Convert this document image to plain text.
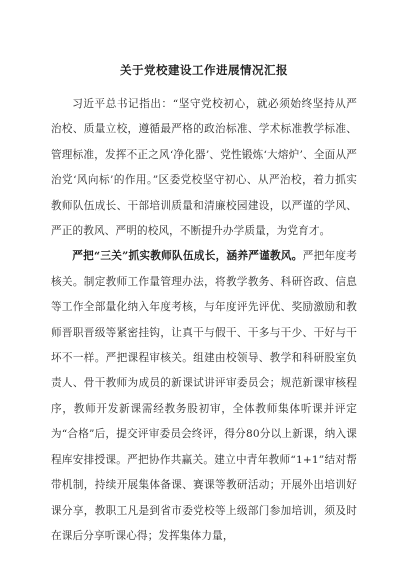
关于党校建设工作进展情况汇报

习近平总书记指出：“坚守党校初心，就必须始终坚持从严治校、质量立校，遵循最严格的政治标准、学术标准教学标准、管理标准，发挥不正之风‘净化器’、党性锻炼‘大熔炉’、全面从严治党‘风向标’的作用。”区委党校坚守初心、从严治校，着力抓实教师队伍成长、干部培训质量和清廉校园建设，以严谨的学风、严正的教风、严明的校风，不断提升办学质量，为党育才。

严把“三关”抓实教师队伍成长，涵养严谨教风。严把年度考核关。制定教师工作量管理办法，将教学教务、科研咨政、信息等工作全部量化纳入年度考核，与年度评先评优、奖励激励和教师晋职晋级等紧密挂钩，让真干与假干、干多与干少、干好与干坏不一样。严把课程审核关。组建由校领导、教学和科研股室负责人、骨干教师为成员的新课试讲评审委员会；规范新课审核程序，教师开发新课需经教务股初审，全体教师集体听课并评定为“合格”后，提交评审委员会终评，得分80分以上新课，纳入课程库安排授课。严把协作共赢关。建立中青年教师“1+1”结对帮带机制，持续开展集体备课、赛课等教研活动；开展外出培训好课分享，教职工凡是到省市委党校等上级部门参加培训，须及时在课后分享听课心得；发挥集体力量，
